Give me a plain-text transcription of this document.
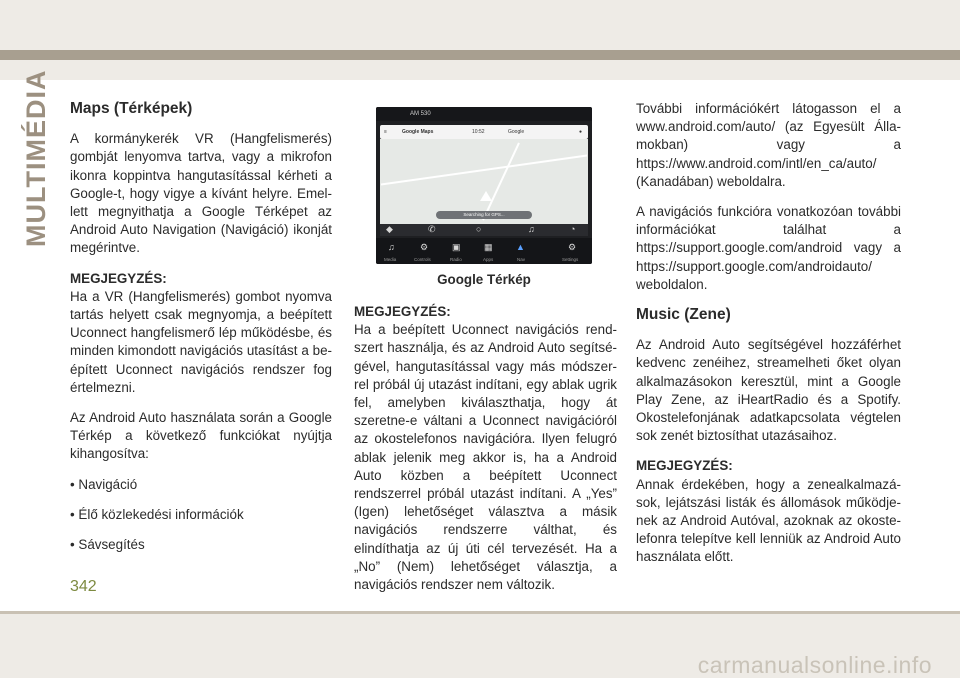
MULTIMÉDIA Maps (Térképek)

A kormánykerék VR (Hangfelismerés) gombját lenyomva tartva, vagy a mikrofon ikonra koppintva hangutasítással kérheti a Google-t, hogy vigye a kívánt helyre. Emellett megnyithatja a Google Térképet az Android Auto Navigation (Navigáció) ikonját megérintve.

MEGJEGYZÉS:
Ha a VR (Hangfelismerés) gombot nyomva tartás helyett csak megnyomja, a beépített Uconnect hangfelismerő lép működésbe, és minden kimondott navigációs utasítást a beépített Uconnect navigációs rendszer fog értelmezni.

Az Android Auto használata során a Google Térkép a következő funkciókat nyújtja kihangosítva:

• Navigáció

• Élő közlekedési információk

• Sávsegítés

AM 530
≡	Google Maps	10:52	Google	●
Searching for GPS...
◆	✆	○	♫	◔
♫
Media
⚙
Controls
▣
Radio
▦
Apps
▲
Nav
⚙
Settings
Google Térkép

MEGJEGYZÉS:
Ha a beépített Uconnect navigációs rendszert használja, és az Android Auto segítségével, hangutasítással vagy más módszerrel próbál új utazást indítani, egy ablak ugrik fel, amelyben kiválaszthatja, hogy át szeretne-e váltani a Uconnect navigációról az okostelefonos navigációra. Ilyen felugró ablak jelenik meg akkor is, ha a Android Auto közben a beépített Uconnect rendszerrel próbál utazást indítani. A „Yes” (Igen) lehetőséget választva a másik navigációs rendszerre válthat, és elindíthatja az új úti cél tervezését. Ha a „No” (Nem) lehetőséget választja, a navigációs rendszer nem változik.

További információkért látogasson el a www.android.com/auto/ (az Egyesült Államokban) vagy a https://www.android.com/intl/en_ca/auto/ (Kanadában) weboldalra.

A navigációs funkcióra vonatkozóan további információkat találhat a https://support.google.com/android vagy a https://support.google.com/androidauto/ weboldalon.

Music (Zene)

Az Android Auto segítségével hozzáférhet kedvenc zenéihez, streamelheti őket olyan alkalmazásokon keresztül, mint a Google Play Zene, az iHeartRadio és a Spotify. Okostelefonjának adatkapcsolata végtelen sok zenét biztosíthat utazásaihoz.

MEGJEGYZÉS:
Annak érdekében, hogy a zenealkalmazások, lejátszási listák és állomások működjenek az Android Autóval, azoknak az okostelefonra telepítve kell lenniük az Android Auto használata előtt.

342
carmanualsonline.info
